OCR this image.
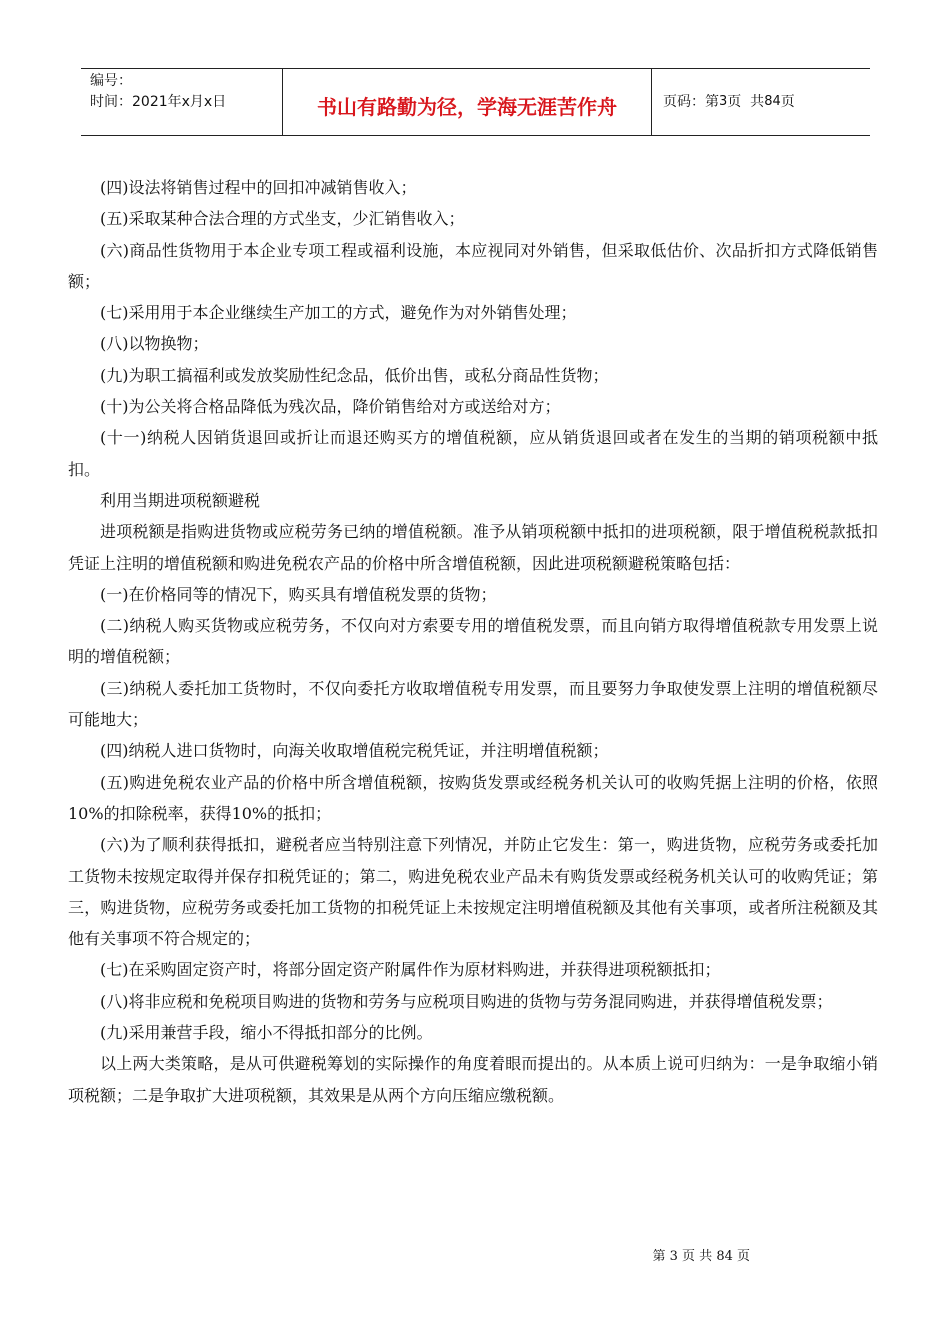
编号：
时间：2021年x月x日	书山有路勤为径，学海无涯苦作舟	页码：第 3 页  共 84 页

(四)设法将销售过程中的回扣冲减销售收入；

(五)采取某种合法合理的方式坐支，少汇销售收入；

(六)商品性货物用于本企业专项工程或福利设施，本应视同对外销售，但采取低估价、次品折扣方式降低销售额；

(七)采用用于本企业继续生产加工的方式，避免作为对外销售处理；

(八)以物换物；

(九)为职工搞福利或发放奖励性纪念品，低价出售，或私分商品性货物；

(十)为公关将合格品降低为残次品，降价销售给对方或送给对方；

(十一)纳税人因销货退回或折让而退还购买方的增值税额，应从销货退回或者在发生的当期的销项税额中抵扣。

利用当期进项税额避税

进项税额是指购进货物或应税劳务已纳的增值税额。准予从销项税额中抵扣的进项税额，限于增值税税款抵扣凭证上注明的增值税额和购进免税农产品的价格中所含增值税额，因此进项税额避税策略包括：

(一)在价格同等的情况下，购买具有增值税发票的货物；

(二)纳税人购买货物或应税劳务，不仅向对方索要专用的增值税发票，而且向销方取得增值税款专用发票上说明的增值税额；

(三)纳税人委托加工货物时，不仅向委托方收取增值税专用发票，而且要努力争取使发票上注明的增值税额尽可能地大；

(四)纳税人进口货物时，向海关收取增值税完税凭证，并注明增值税额；

(五)购进免税农业产品的价格中所含增值税额，按购货发票或经税务机关认可的收购凭据上注明的价格，依照10%的扣除税率，获得10%的抵扣；

(六)为了顺利获得抵扣，避税者应当特别注意下列情况，并防止它发生：第一，购进货物，应税劳务或委托加工货物未按规定取得并保存扣税凭证的；第二，购进免税农业产品未有购货发票或经税务机关认可的收购凭证；第三，购进货物，应税劳务或委托加工货物的扣税凭证上未按规定注明增值税额及其他有关事项，或者所注税额及其他有关事项不符合规定的；

(七)在采购固定资产时，将部分固定资产附属件作为原材料购进，并获得进项税额抵扣；

(八)将非应税和免税项目购进的货物和劳务与应税项目购进的货物与劳务混同购进，并获得增值税发票；

(九)采用兼营手段，缩小不得抵扣部分的比例。

以上两大类策略，是从可供避税筹划的实际操作的角度着眼而提出的。从本质上说可归纳为：一是争取缩小销项税额；二是争取扩大进项税额，其效果是从两个方向压缩应缴税额。

第 3 页 共 84 页
